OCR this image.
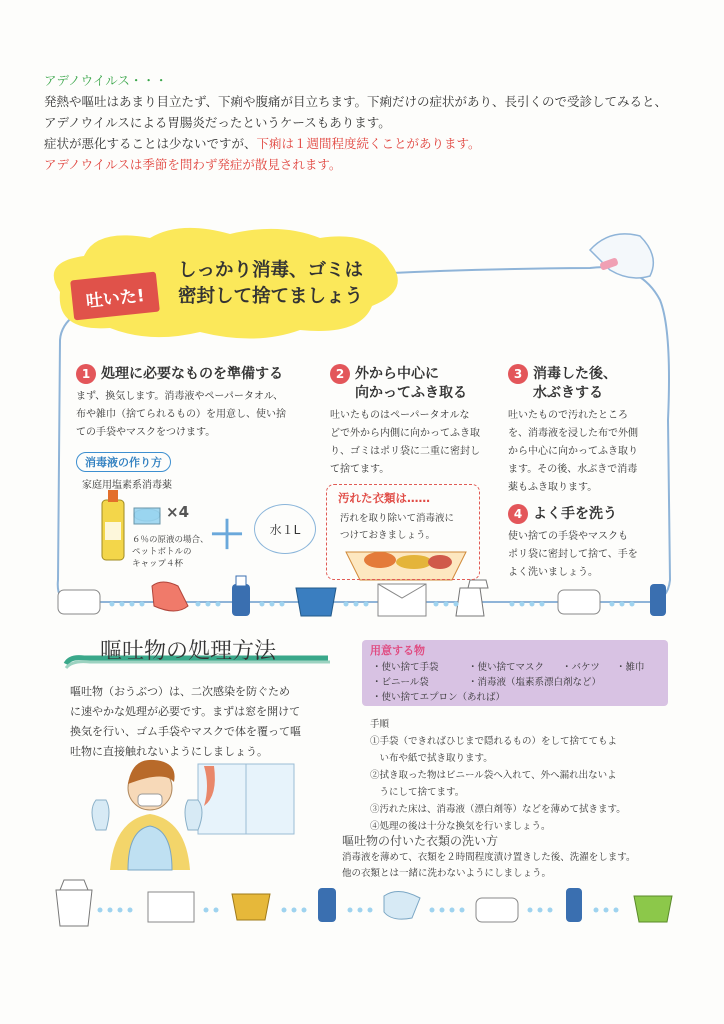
アデノウイルス・・・
発熱や嘔吐はあまり目立たず、下痢や腹痛が目立ちます。下痢だけの症状があり、長引くので受診してみると、
アデノウイルスによる胃腸炎だったというケースもあります。
症状が悪化することは少ないですが、下痢は１週間程度続くことがあります。
アデノウイルスは季節を問わず発症が散見されます。
吐いた!
しっかり消毒、ゴミは
密封して捨てましょう
1 処理に必要なものを準備する
まず、換気します。消毒液やペーパータオル、
布や雑巾（捨てられるもの）を用意し、使い捨
ての手袋やマスクをつけます。
消毒液の作り方
家庭用塩素系消毒薬
×4
６％の原液の場合、
ペットボトルの
キャップ４杯
＋	水１L
2 外から中心に
向かってふき取る
吐いたものはペーパータオルな
どで外から内側に向かってふき取
り、ゴミはポリ袋に二重に密封し
て捨てます。
汚れた衣類は……
汚れを取り除いて消毒液に
つけておきましょう。
3 消毒した後、
水ぶきする
吐いたもので汚れたところ
を、消毒液を浸した布で外側
から中心に向かってふき取り
ます。その後、水ぶきで消毒
薬もふき取ります。
4 よく手を洗う
使い捨ての手袋やマスクも
ポリ袋に密封して捨て、手を
よく洗いましょう。
嘔吐物の処理方法
嘔吐物（おうぶつ）は、二次感染を防ぐため
に速やかな処理が必要です。まずは窓を開けて
換気を行い、ゴム手袋やマスクで体を覆って嘔
吐物に直接触れないようにしましょう。
用意する物
・使い捨て手袋	・使い捨てマスク ・バケツ ・雑巾
・ビニール袋	・消毒液（塩素系漂白剤など）
・使い捨てエプロン（あれば）
手順
①手袋（できればひじまで隠れるもの）をして捨ててもよ
　い布や紙で拭き取ります。
②拭き取った物はビニール袋へ入れて、外へ漏れ出ないよ
　うにして捨てます。
③汚れた床は、消毒液（漂白剤等）などを薄めて拭きます。
④処理の後は十分な換気を行いましょう。
嘔吐物の付いた衣類の洗い方
消毒液を薄めて、衣類を２時間程度漬け置きした後、洗濯をします。
他の衣類とは一緒に洗わないようにしましょう。
